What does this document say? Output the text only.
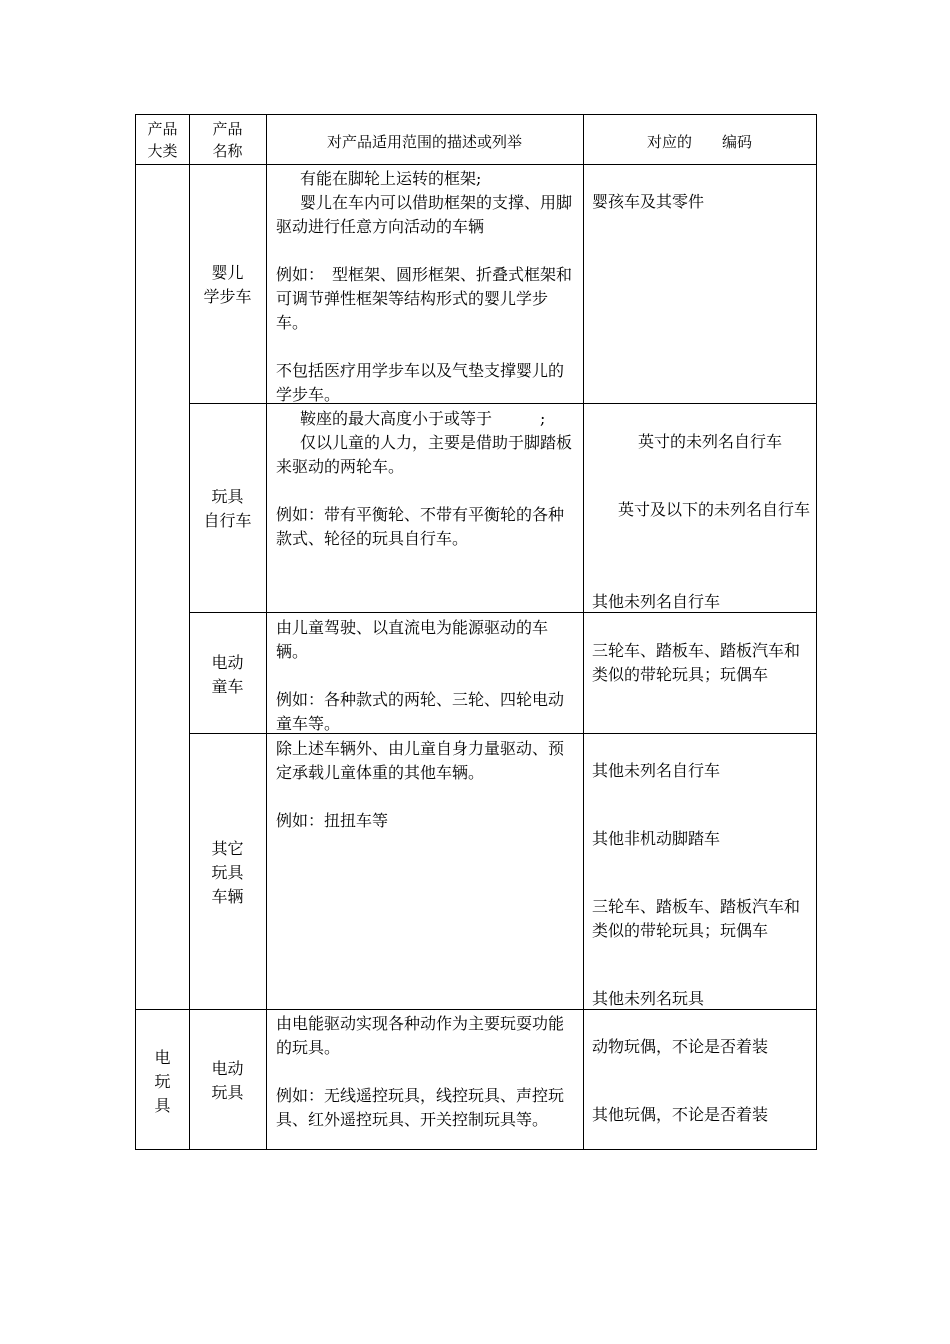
产品
大类
产品
名称	对产品适用范围的描述或列举	对应的　　编码
婴儿
学步车

有能在脚轮上运转的框架;

婴儿在车内可以借助框架的支撑、用脚驱动进行任意方向活动的车辆

例如：　型框架、圆形框架、折叠式框架和可调节弹性框架等结构形式的婴儿学步车。

不包括医疗用学步车以及气垫支撑婴儿的学步车。

婴孩车及其零件

玩具
自行车

鞍座的最大高度小于或等于　　　;

仅以儿童的人力，主要是借助于脚踏板来驱动的两轮车。

例如：带有平衡轮、不带有平衡轮的各种款式、轮径的玩具自行车。

英寸的未列名自行车
英寸及以下的未列名自行车
其他未列名自行车
电动
童车

由儿童驾驶、以直流电为能源驱动的车辆。

例如：各种款式的两轮、三轮、四轮电动童车等。

三轮车、踏板车、踏板汽车和类似的带轮玩具；玩偶车
其它
玩具
车辆

除上述车辆外、由儿童自身力量驱动、预定承载儿童体重的其他车辆。

例如：扭扭车等

其他未列名自行车
其他非机动脚踏车
三轮车、踏板车、踏板汽车和类似的带轮玩具；玩偶车
其他未列名玩具
电
玩
具
电动
玩具

由电能驱动实现各种动作为主要玩耍功能的玩具。

例如：无线遥控玩具，线控玩具、声控玩具、红外遥控玩具、开关控制玩具等。

动物玩偶，不论是否着装
其他玩偶，不论是否着装
